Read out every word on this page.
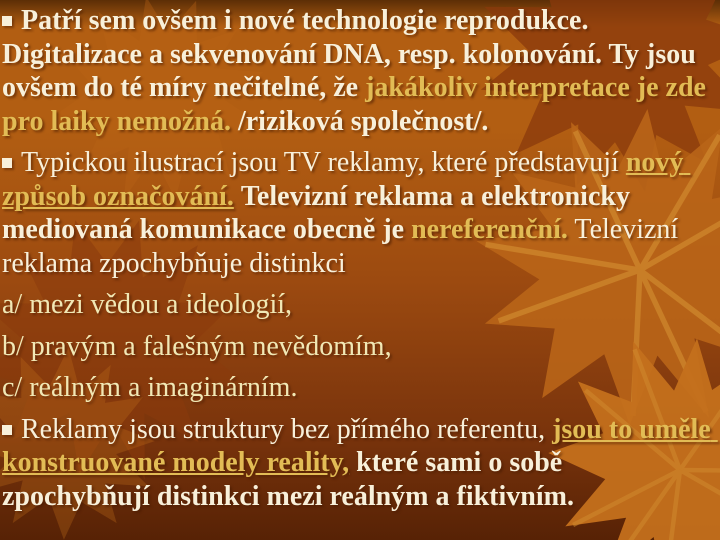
Patří sem ovšem i nové technologie reprodukce. Digitalizace a sekvenování DNA, resp. kolonování. Ty jsou ovšem do té míry nečitelné, že jakákoliv interpretace je zde pro laiky nemožná. /riziková společnost/.
Typickou ilustrací jsou TV reklamy, které představují nový způsob označování. Televizní reklama a elektronicky mediovaná komunikace obecně je nereferenční. Televizní reklama zpochybňuje distinkci
a/ mezi vědou a ideologií,
b/ pravým a falešným nevědomím,
c/ reálným a imaginárním.
Reklamy jsou struktury bez přímého referentu, jsou to uměle konstruované modely reality, které sami o sobě zpochybňují distinkci mezi reálným a fiktivním.
